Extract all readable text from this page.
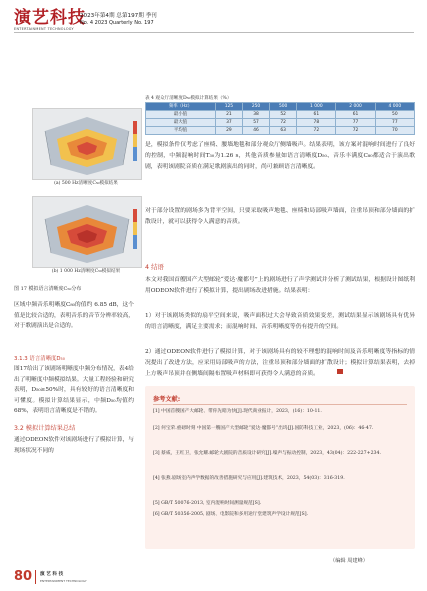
演艺科技
ENTERTAINMENT TECHNOLOGY
2023年第4期 总第197期 季刊
No. 4 2023 Quarterly No. 197
(a) 500 Hz清晰度C₅₀模拟结果
(b) 1 000 Hz清晰度C₅₀模拟结果
图 17 模拟语言清晰度C₅₀分布
区域中频音乐明晰度C₈₀的值约 6.85 dB，这个值是比较合适的，表明音乐的音节分辨率较高，对于歌剧演出是合适的。
3.1.3 语言清晰度D₅₀
图17给出了该剧场明晰度中频分布情况，表4给出了明晰度中频模拟结果。大量工程经验和研究表明，D₅₀≥50%时，具有较好的语言清晰度和可懂度。模拟计算结果显示，中频D₅₀均值约68%，表明语言清晰度是不错的。
3.2 模拟计算结果总结
通过ODEON软件对该剧场进行了模拟计算，与现场状况不同的
表 4 观众厅清晰度D₅₀模拟计算结果（%）
频率（Hz）	125	250	500	1 000	2 000	4 000
最小值	21	38	52	61	61	50
最大值	37	57	72	78	77	77
平均值	29	46	63	72	72	70
是，模拟条件仅考虑了座椅、腰墙地毯和部分观众厅侧墙吸声。结果表明，该方案对混响时间进行了良好的控制，中频混响时间T₃₀为1.26 s，其他音质参量如语言清晰度D₅₀、音乐丰满度C₈₀都适合于演出歌剧，表明该剧院音质在满足歌剧演出的同时，尚可兼顾语言清晰度。
对于部分设置的剧场多为背平空间，只要采取吸声地毯、座椅和局部吸声墙面，注重吊顶和部分墙面的扩散设计，就可以获得令人满意的音质。
4 结语
本文对我国首艘国产大型邮轮“爱达·魔都号”上的剧场进行了声学测试并分析了测试结果，根据设计图纸利用ODEON软件进行了模拟计算，提出剧场改进措施。结果表明：
1）对于该剧场类似的扇平空间来说，吸声面积过大会导致音质效果变差，测试结果显示该剧场具有优异的语言清晰度，满足主要需求；而混响时间、音乐明晰度等仍有提升的空间。
2）通过ODEON软件进行了模拟计算，对于该剧场具有的较不理想的混响时间及音乐明晰度等指标的情况提出了改进方法，应采用局部吸声的方法，注重吊顶和部分墙面的扩散设计；模拟计算结果表明，去掉上方吸声吊顶并在侧墙间隔布置吸声材料即可获得令人满意的音质。
参考文献:
[1] 中国首艘国产大邮轮、带你先睹为快[J].现代商业报计，2023，(16)：10-11.
[2] 何宝荣.重磅时刻 中国第一艘国产大型邮轮“爱达·魔都号”出坞[J].国防科技工业，2023，(06)：46-47.
[3] 蔡威，王红卫，张允耀.邮轮大剧院的音质设计研究[J].噪声与振动控制，2023，43(04)：222-227+234.
[4] 张燕.剧场室内声学数据的改善措施研究与应用[J].建筑技术，2023，54(03)：316-319.
[5] GB/T 50076-2013, 室内混响时间测量规范[S].
[6] GB/T 50356-2005, 剧场、电影院和多用途厅堂建筑声学设计规范[S].
（编辑 周建峰）
80 演 艺 科 技
ENTERTAINMENT TECHNOLOGY
